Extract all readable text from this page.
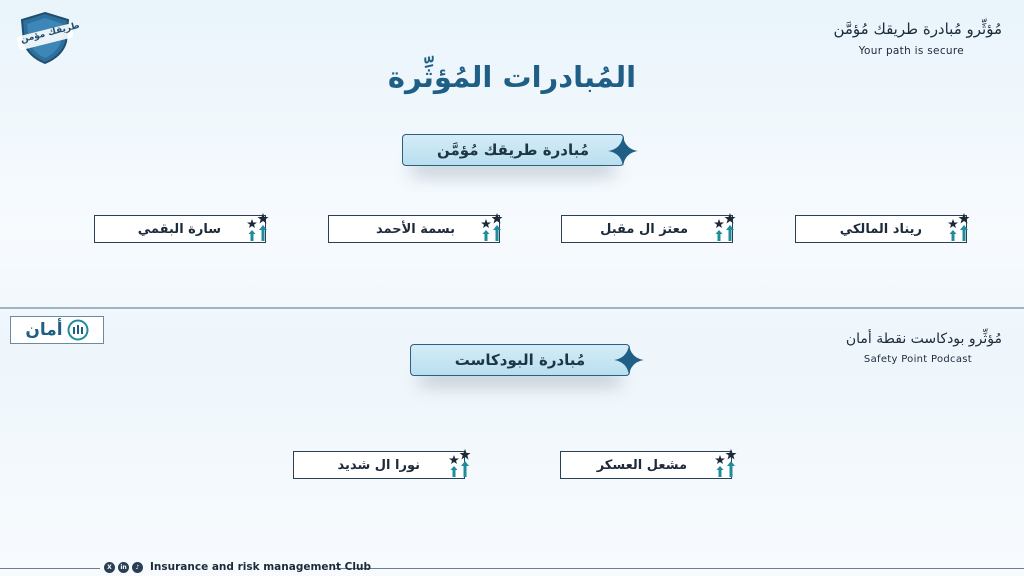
طريقك مؤمن	مُؤثِّرو مُبادرة طريقك مُؤمَّن
Your path is secure
المُبادرات المُؤثِّرة
مُبادرة طريقك مُؤمَّن
ريناد المالكي
معتز ال مقبل
بسمة الأحمد
سارة البقمي
أمان	مُؤثِّرو بودكاست نقطة أمان
Safety Point Podcast
مُبادرة البودكاست
مشعل العسكر
نورا ال شديد
X	in	♪	Insurance and risk management Club
